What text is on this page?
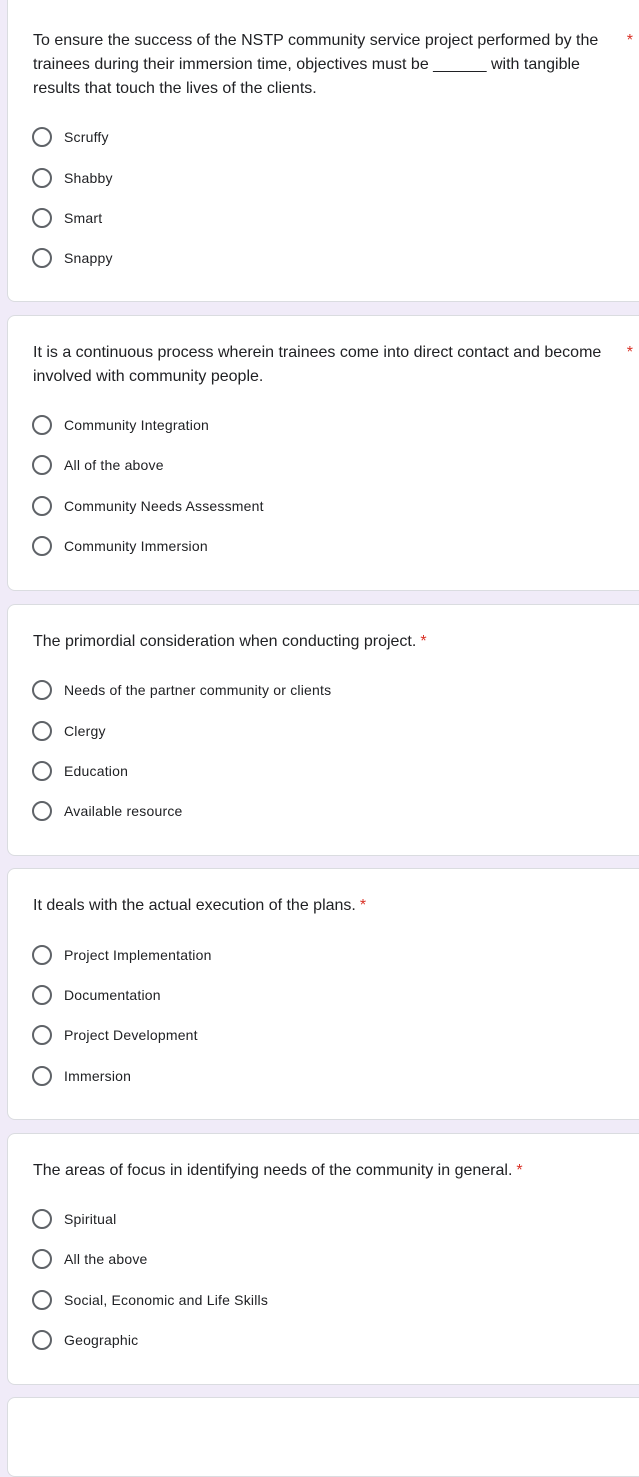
To ensure the success of the NSTP community service project performed by the trainees during their immersion time, objectives must be ______ with tangible results that touch the lives of the clients.
*
Scruffy
Shabby
Smart
Snappy
It is a continuous process wherein trainees come into direct contact and become involved with community people.
*
Community Integration
All of the above
Community Needs Assessment
Community Immersion
The primordial consideration when conducting project. *
Needs of the partner community or clients
Clergy
Education
Available resource
It deals with the actual execution of the plans. *
Project Implementation
Documentation
Project Development
Immersion
The areas of focus in identifying needs of the community in general. *
Spiritual
All the above
Social, Economic and Life Skills
Geographic
